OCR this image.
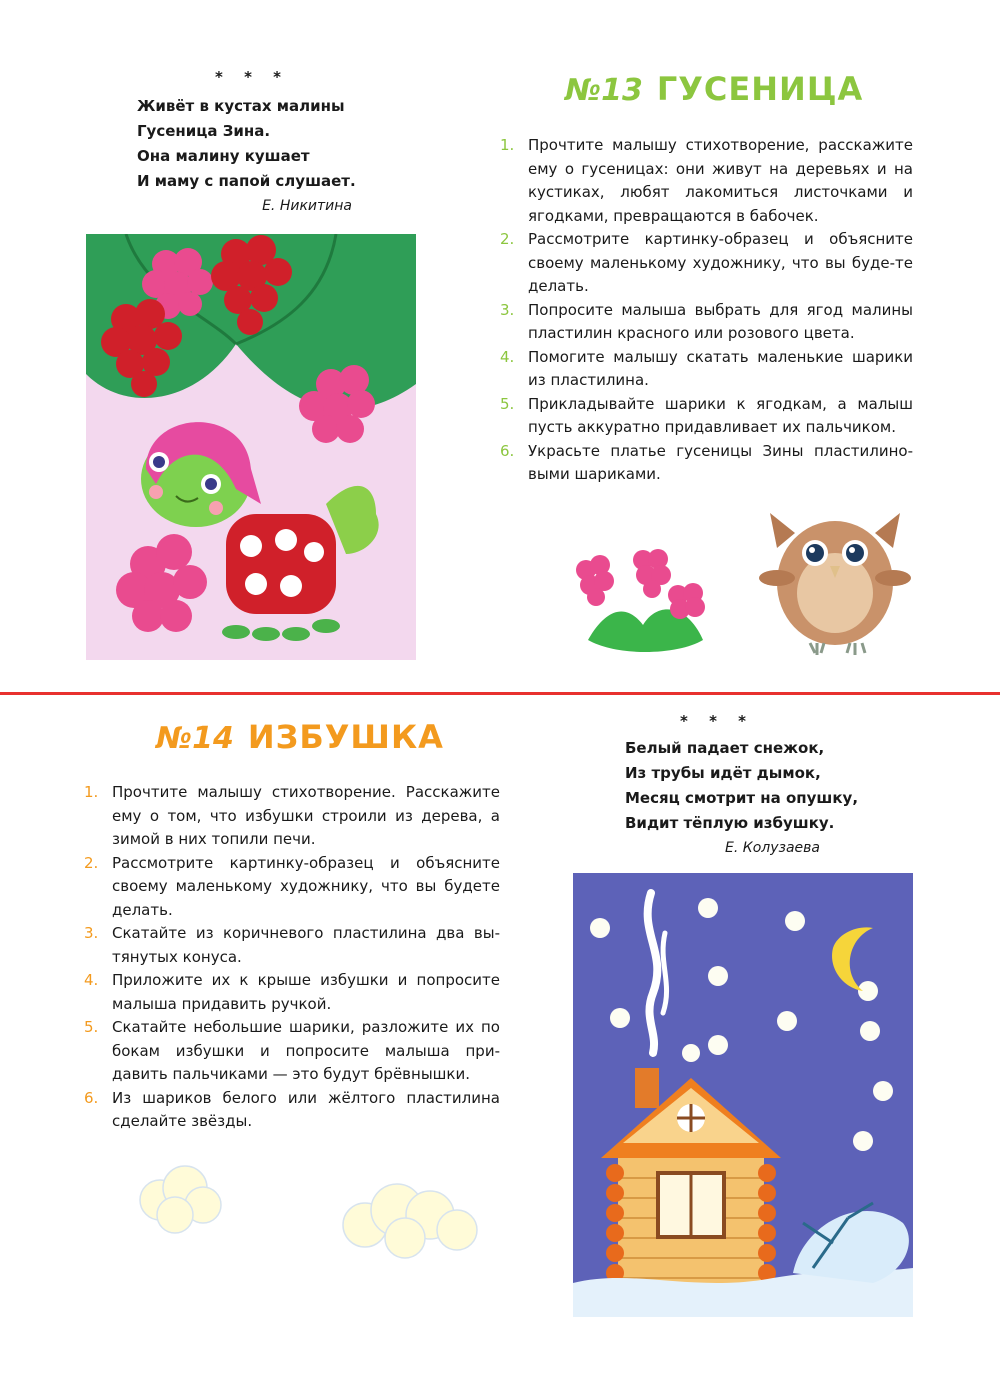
* * *
Живёт в кустах малины
Гусеница Зина.
Она малину кушает
И маму с папой слушает.
Е. Никитина
№13 ГУСЕНИЦА
1. Прочтите малышу стихотворение, расскажите ему о гусеницах: они живут на деревьях и на кустиках, любят лакомиться листочками и ягодками, превращаются в бабочек.
2. Рассмотрите картинку-образец и объясните своему маленькому художнику, что вы буде-те делать.
3. Попросите малыша выбрать для ягод малины пластилин красного или розового цвета.
4. Помогите малышу скатать маленькие шарики из пластилина.
5. Прикладывайте шарики к ягодкам, а малыш пусть аккуратно придавливает их пальчиком.
6. Украсьте платье гусеницы Зины пластилино-выми шариками.
№14 ИЗБУШКА
1. Прочтите малышу стихотворение. Расскажите ему о том, что избушки строили из дерева, а зимой в них топили печи.
2. Рассмотрите картинку-образец и объясните своему маленькому художнику, что вы будете делать.
3. Скатайте из коричневого пластилина два вы-тянутых конуса.
4. Приложите их к крыше избушки и попросите малыша придавить ручкой.
5. Скатайте небольшие шарики, разложите их по бокам избушки и попросите малыша при-давить пальчиками — это будут брёвнышки.
6. Из шариков белого или жёлтого пластилина сделайте звёзды.
* * *
Белый падает снежок,
Из трубы идёт дымок,
Месяц смотрит на опушку,
Видит тёплую избушку.
Е. Колузаева
